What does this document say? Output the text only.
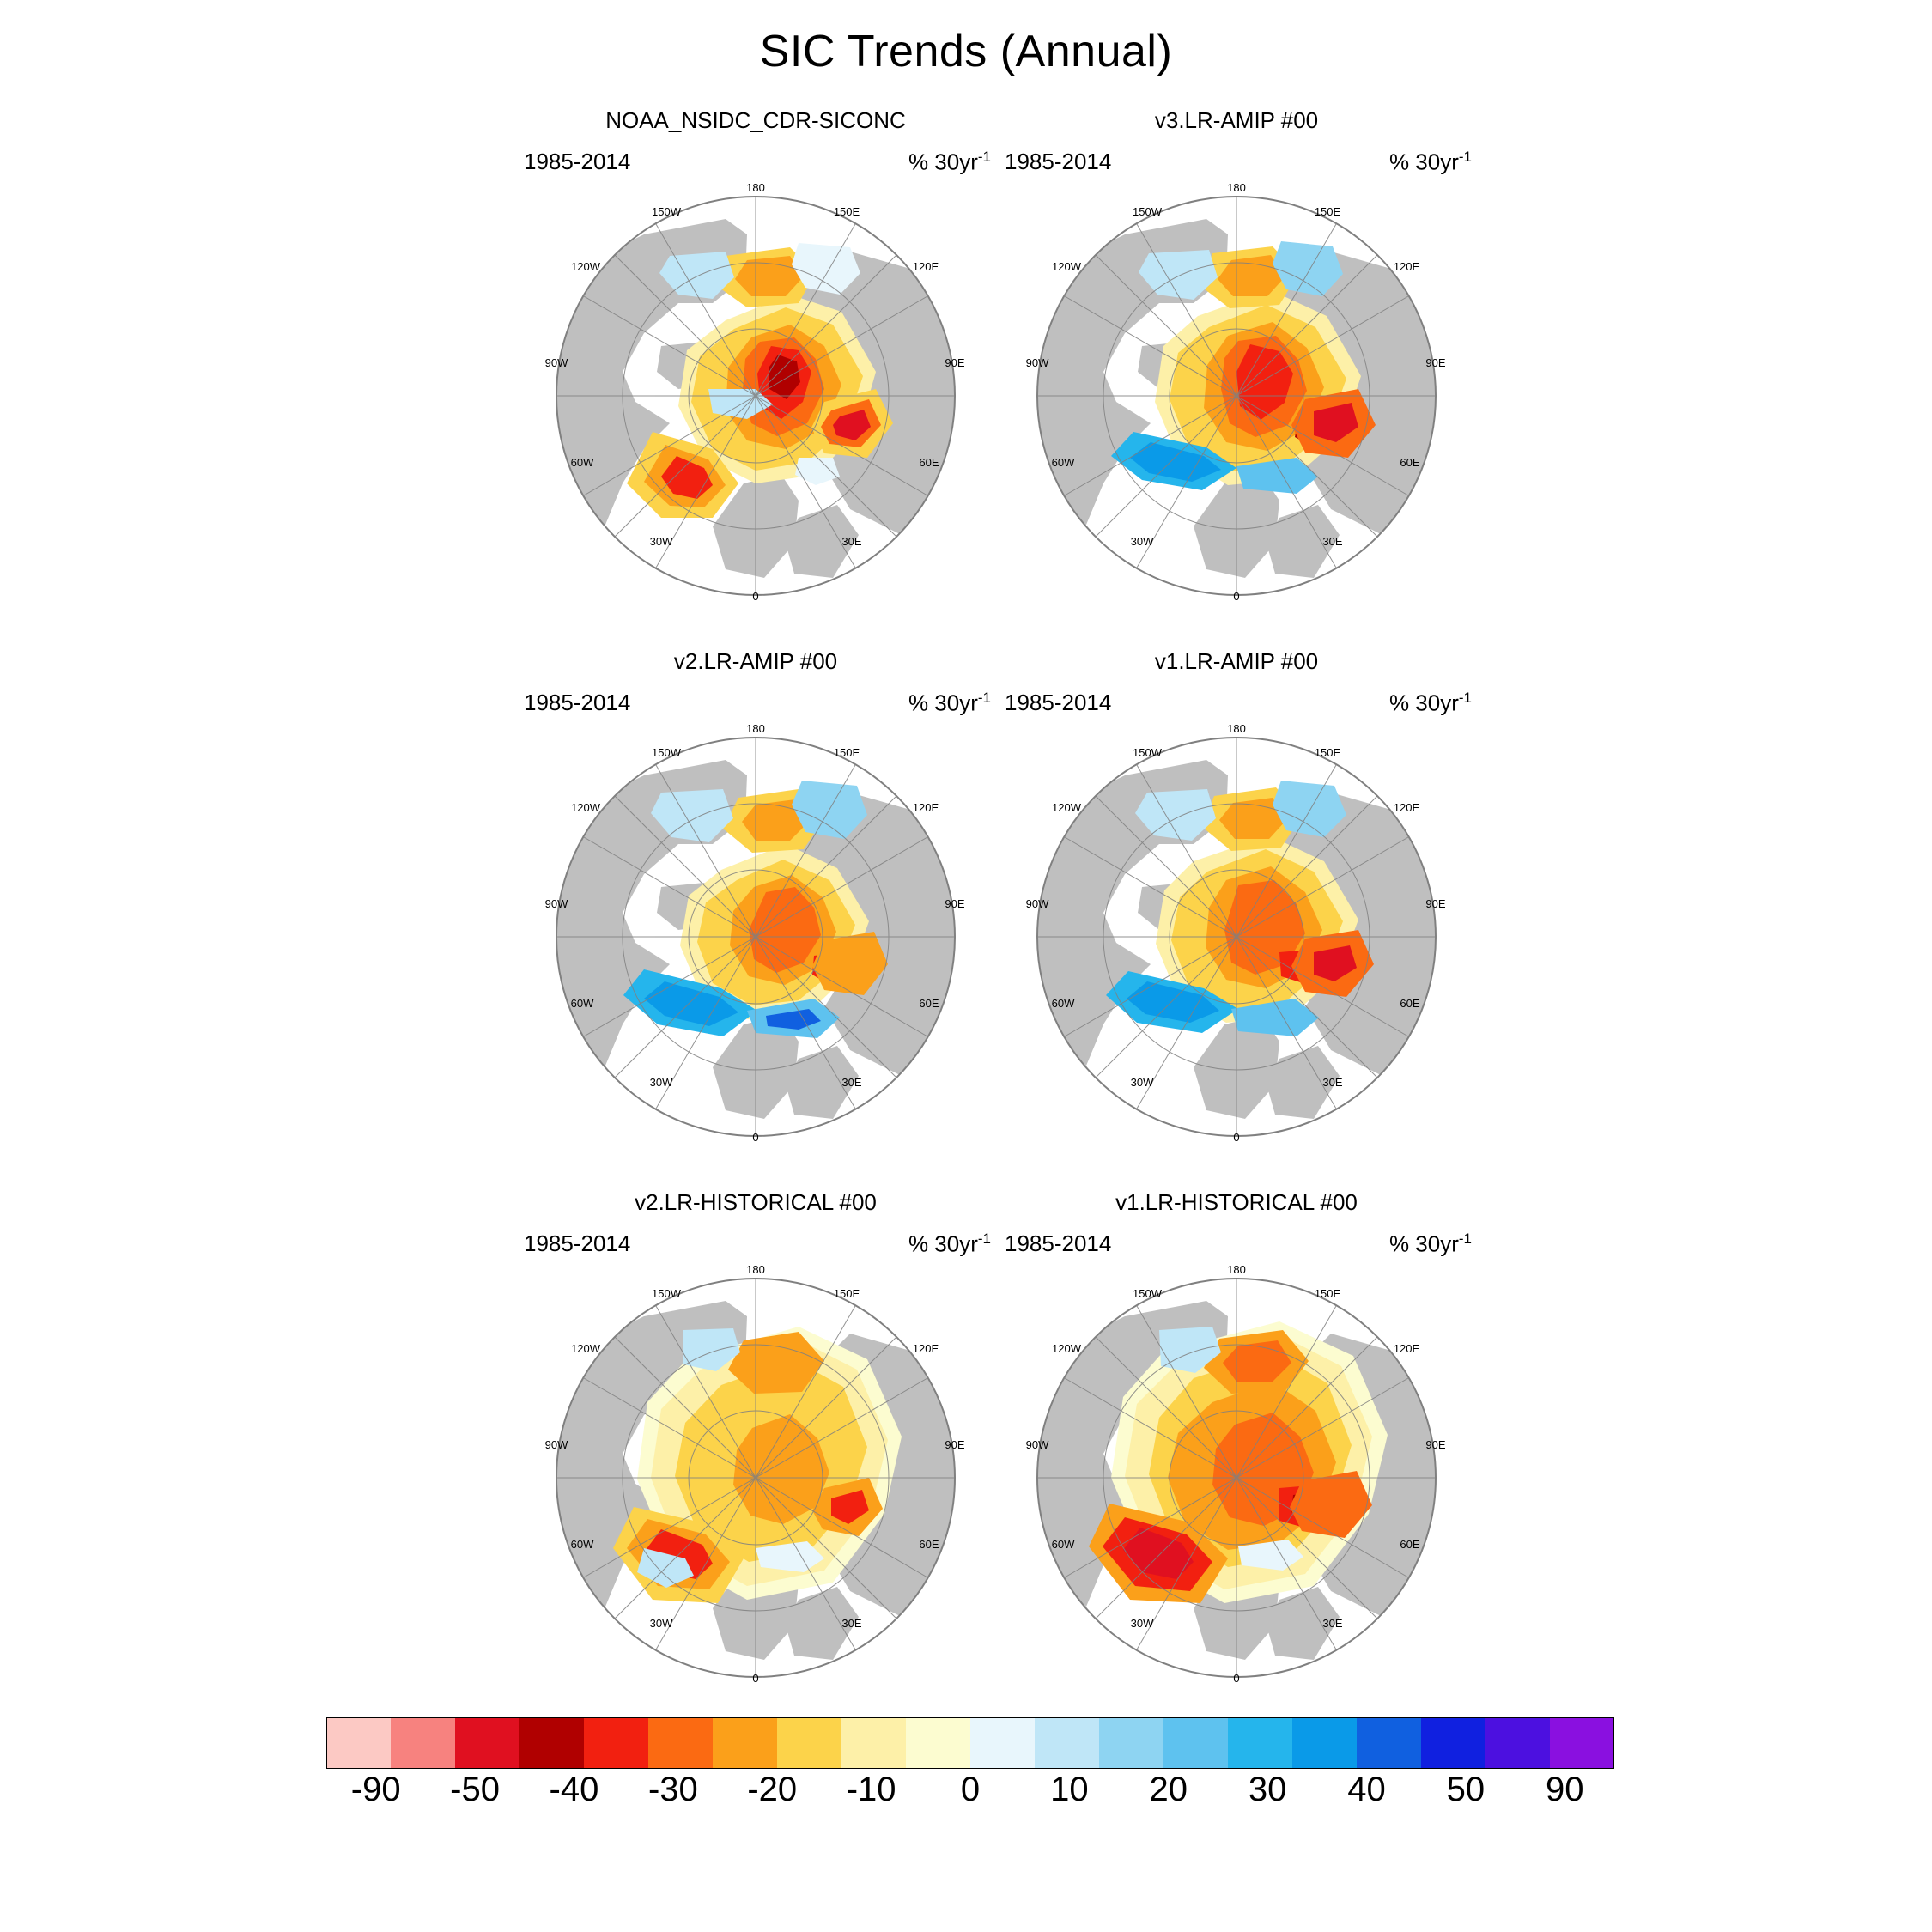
SIC Trends (Annual)
NOAA_NSIDC_CDR-SICONC
1985-2014	% $30yr^{-1}$
180
150W
120W
90W
60W
30W
0
30E
60E
90E
120E
150E
v3.LR-AMIP #00
1985-2014	% $30yr^{-1}$
180
150W
120W
90W
60W
30W
0
30E
60E
90E
120E
150E
v2.LR-AMIP #00
1985-2014	% $30yr^{-1}$
180
150W
120W
90W
60W
30W
0
30E
60E
90E
120E
150E
v1.LR-AMIP #00
1985-2014	% $30yr^{-1}$
180
150W
120W
90W
60W
30W
0
30E
60E
90E
120E
150E
v2.LR-HISTORICAL #00
1985-2014	% $30yr^{-1}$
180
150W
120W
90W
60W
30W
0
30E
60E
90E
120E
150E
v1.LR-HISTORICAL #00
1985-2014	% $30yr^{-1}$
180
150W
120W
90W
60W
30W
0
30E
60E
90E
120E
150E
-90 -50 -40 -30 -20 -10 0 10 20 30 40 50 90
